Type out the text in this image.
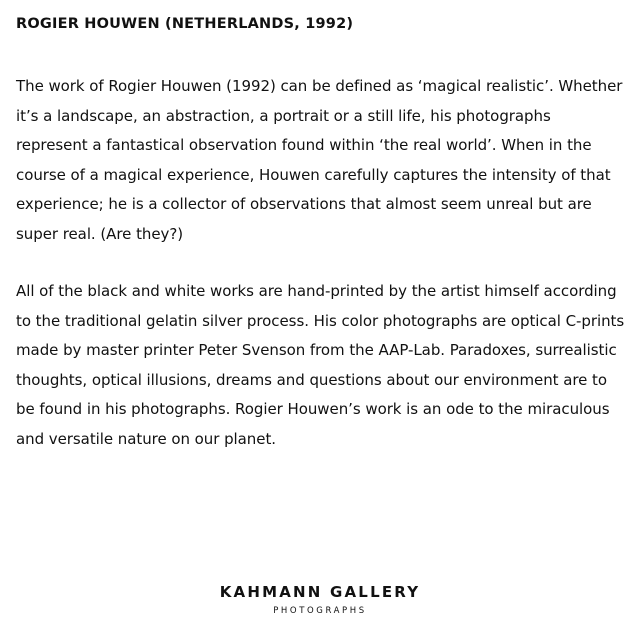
ROGIER HOUWEN (NETHERLANDS, 1992)

The work of Rogier Houwen (1992) can be defined as ‘magical realistic’. Whether it’s a landscape, an abstraction, a portrait or a still life, his photographs represent a fantastical observation found within ‘the real world’. When in the course of a magical experience, Houwen carefully captures the intensity of that experience; he is a collector of observations that almost seem unreal but are super real. (Are they?)

All of the black and white works are hand-printed by the artist himself according to the traditional gelatin silver process. His color photographs are optical C-prints made by master printer Peter Svenson from the AAP-Lab. Paradoxes, surrealistic thoughts, optical illusions, dreams and questions about our environment are to be found in his photographs. Rogier Houwen’s work is an ode to the miraculous and versatile nature on our planet.

KAHMANN GALLERY
PHOTOGRAPHS
